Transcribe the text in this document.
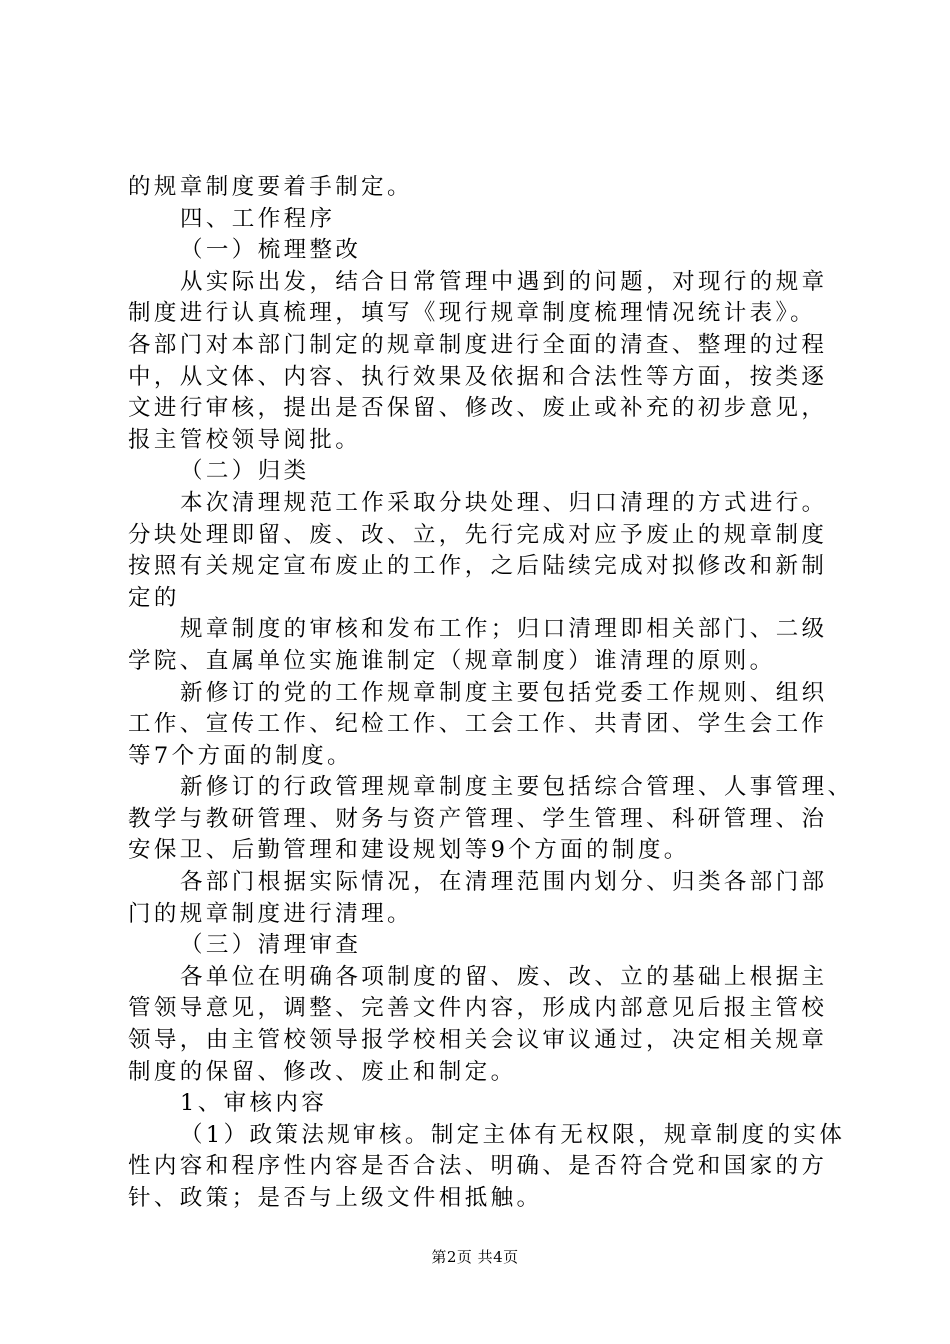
的规章制度要着手制定。
四、工作程序
（一）梳理整改
从实际出发，结合日常管理中遇到的问题，对现行的规章
制度进行认真梳理，填写《现行规章制度梳理情况统计表》。
各部门对本部门制定的规章制度进行全面的清查、整理的过程
中，从文体、内容、执行效果及依据和合法性等方面，按类逐
文进行审核，提出是否保留、修改、废止或补充的初步意见，
报主管校领导阅批。
（二）归类
本次清理规范工作采取分块处理、归口清理的方式进行。
分块处理即留、废、改、立，先行完成对应予废止的规章制度
按照有关规定宣布废止的工作，之后陆续完成对拟修改和新制
定的
规章制度的审核和发布工作；归口清理即相关部门、二级
学院、直属单位实施谁制定（规章制度）谁清理的原则。
新修订的党的工作规章制度主要包括党委工作规则、组织
工作、宣传工作、纪检工作、工会工作、共青团、学生会工作
等7个方面的制度。
新修订的行政管理规章制度主要包括综合管理、人事管理、
教学与教研管理、财务与资产管理、学生管理、科研管理、治
安保卫、后勤管理和建设规划等9个方面的制度。
各部门根据实际情况，在清理范围内划分、归类各部门部
门的规章制度进行清理。
（三）清理审查
各单位在明确各项制度的留、废、改、立的基础上根据主
管领导意见，调整、完善文件内容，形成内部意见后报主管校
领导，由主管校领导报学校相关会议审议通过，决定相关规章
制度的保留、修改、废止和制定。
1、审核内容
（1）政策法规审核。制定主体有无权限，规章制度的实体
性内容和程序性内容是否合法、明确、是否符合党和国家的方
针、政策；是否与上级文件相抵触。
第2页 共4页
